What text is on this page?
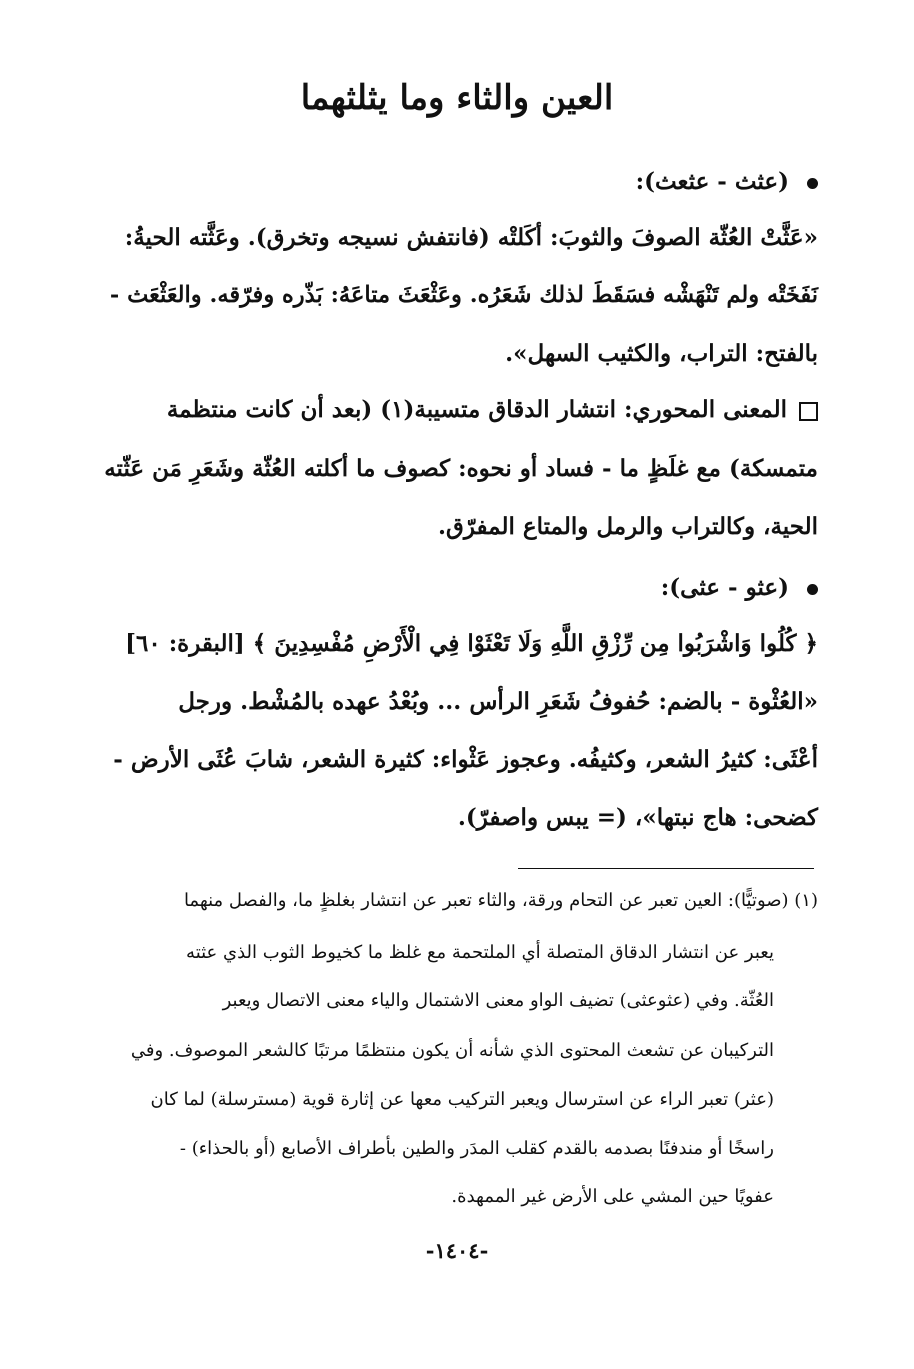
العين والثاء وما يثلثهما
(عثث - عثعث):
«عَثَّتْ العُثّة الصوفَ والثوبَ: أكَلتْه (فانتفش نسيجه وتخرق). وعَثَّته الحيةُ:
نَفَخَتْه ولم تَنْهَشْه فسَقَطَ لذلك شَعَرُه. وعَثْعَثَ متاعَهُ: بَذّره وفرّقه. والعَثْعَث -
بالفتح: التراب، والكثيب السهل».
المعنى المحوري: انتشار الدقاق متسيبة(١) (بعد أن كانت منتظمة
متمسكة) مع غلَظٍ ما - فساد أو نحوه: كصوف ما أكلته العُثّة وشَعَرِ مَن عَثّته
الحية، وكالتراب والرمل والمتاع المفرّق.
(عثو - عثى):
﴿ كُلُوا وَاشْرَبُوا مِن رِّزْقِ اللَّهِ وَلَا تَعْثَوْا فِي الْأَرْضِ مُفْسِدِينَ ﴾ [البقرة: ٦٠]
«العُثْوة - بالضم: حُفوفُ شَعَرِ الرأس ... وبُعْدُ عهده بالمُشْط. ورجل
أعْثَى: كثيرُ الشعر، وكثيفُه. وعجوز عَثْواء: كثيرة الشعر، شابَ عُثَى الأرض -
كضحى: هاج نبتها»، (= يبس واصفرّ).
(١) (صوتيًّا): العين تعبر عن التحام ورقة، والثاء تعبر عن انتشار بغلظٍ ما، والفصل منهما
يعبر عن انتشار الدقاق المتصلة أي الملتحمة مع غلظ ما كخيوط الثوب الذي عثته
العُثّة. وفي (عثوعثى) تضيف الواو معنى الاشتمال والياء معنى الاتصال ويعبر
التركيبان عن تشعث المحتوى الذي شأنه أن يكون منتظمًا مرتبًا كالشعر الموصوف. وفي
(عثر) تعبر الراء عن استرسال ويعبر التركيب معها عن إثارة قوية (مسترسلة) لما كان
راسخًا أو مندفنًا بصدمه بالقدم كقلب المدَر والطين بأطراف الأصابع (أو بالحذاء) -
عفويًا حين المشي على الأرض غير الممهدة.
-١٤٠٤-
